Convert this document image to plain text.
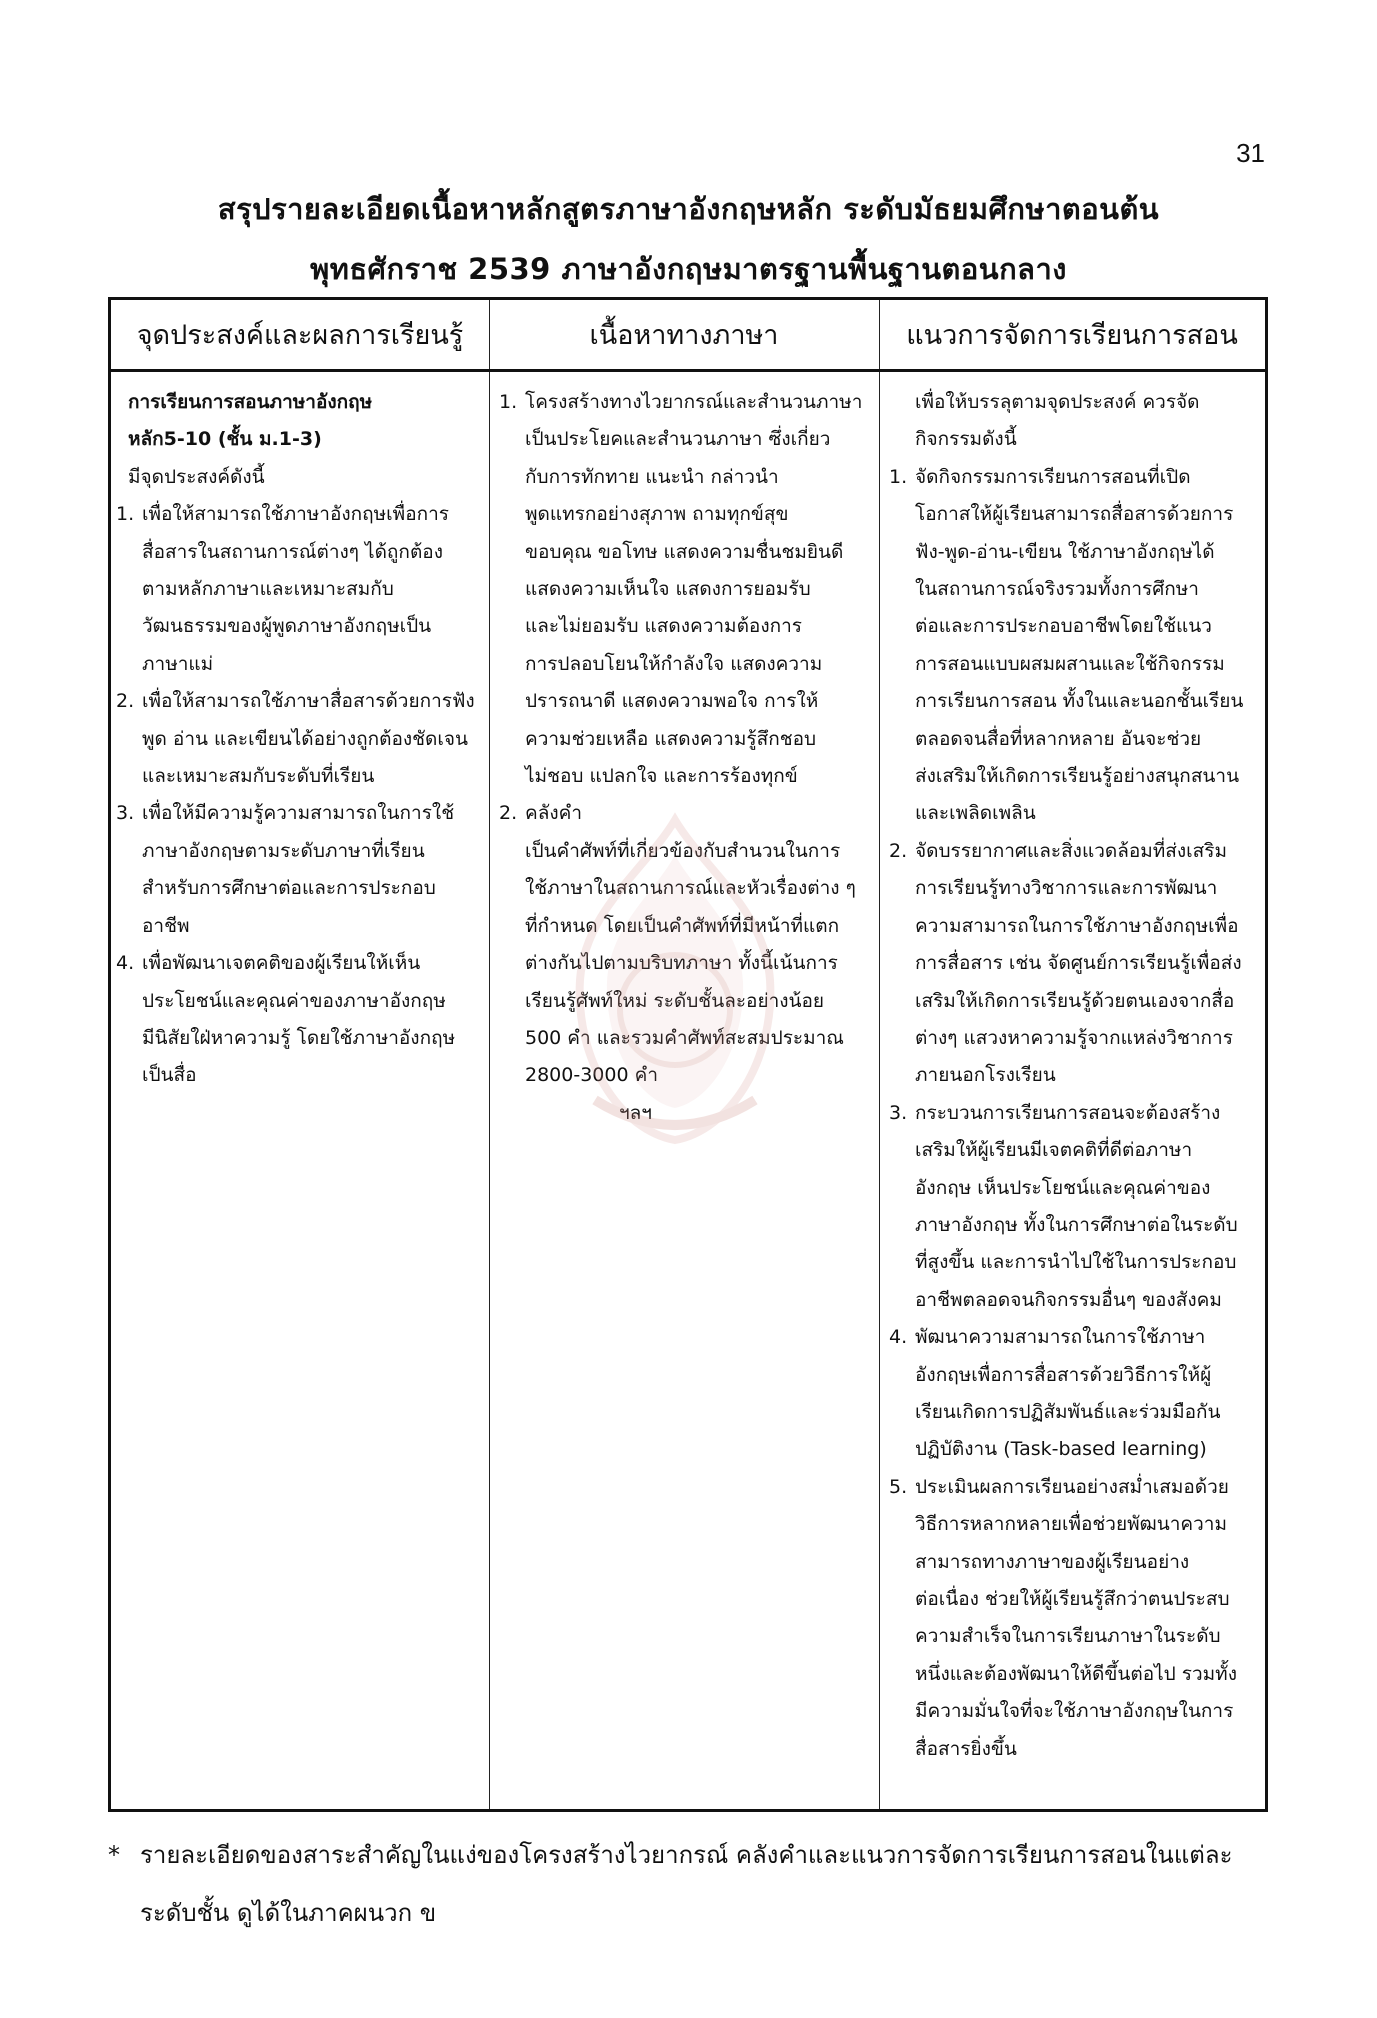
31
สรุปรายละเอียดเนื้อหาหลักสูตรภาษาอังกฤษหลัก ระดับมัธยมศึกษาตอนต้น
พุทธศักราช 2539 ภาษาอังกฤษมาตรฐานพื้นฐานตอนกลาง
จุดประสงค์และผลการเรียนรู้	เนื้อหาทางภาษา	แนวการจัดการเรียนการสอน
การเรียนการสอนภาษาอังกฤษ
หลัก5-10 (ชั้น ม.1-3)
มีจุดประสงค์ดังนี้
1. เพื่อให้สามารถใช้ภาษาอังกฤษเพื่อการ
สื่อสารในสถานการณ์ต่างๆ ได้ถูกต้อง
ตามหลักภาษาและเหมาะสมกับ
วัฒนธรรมของผู้พูดภาษาอังกฤษเป็น
ภาษาแม่
2. เพื่อให้สามารถใช้ภาษาสื่อสารด้วยการฟัง
พูด อ่าน และเขียนได้อย่างถูกต้องชัดเจน
และเหมาะสมกับระดับที่เรียน
3. เพื่อให้มีความรู้ความสามารถในการใช้
ภาษาอังกฤษตามระดับภาษาที่เรียน
สำหรับการศึกษาต่อและการประกอบ
อาชีพ
4. เพื่อพัฒนาเจตคติของผู้เรียนให้เห็น
ประโยชน์และคุณค่าของภาษาอังกฤษ
มีนิสัยใฝ่หาความรู้ โดยใช้ภาษาอังกฤษ
เป็นสื่อ
1. โครงสร้างทางไวยากรณ์และสำนวนภาษา
เป็นประโยคและสำนวนภาษา ซึ่งเกี่ยว
กับการทักทาย แนะนำ กล่าวนำ
พูดแทรกอย่างสุภาพ ถามทุกข์สุข
ขอบคุณ ขอโทษ แสดงความชื่นชมยินดี
แสดงความเห็นใจ แสดงการยอมรับ
และไม่ยอมรับ แสดงความต้องการ
การปลอบโยนให้กำลังใจ แสดงความ
ปรารถนาดี แสดงความพอใจ การให้
ความช่วยเหลือ แสดงความรู้สึกชอบ
ไม่ชอบ แปลกใจ และการร้องทุกข์
2. คลังคำ
เป็นคำศัพท์ที่เกี่ยวข้องกับสำนวนในการ
ใช้ภาษาในสถานการณ์และหัวเรื่องต่าง ๆ
ที่กำหนด โดยเป็นคำศัพท์ที่มีหน้าที่แตก
ต่างกันไปตามบริบทภาษา ทั้งนี้เน้นการ
เรียนรู้ศัพท์ใหม่ ระดับชั้นละอย่างน้อย
500 คำ และรวมคำศัพท์สะสมประมาณ
2800-3000 คำ
ฯลฯ
เพื่อให้บรรลุตามจุดประสงค์ ควรจัด
กิจกรรมดังนี้
1. จัดกิจกรรมการเรียนการสอนที่เปิด
โอกาสให้ผู้เรียนสามารถสื่อสารด้วยการ
ฟัง-พูด-อ่าน-เขียน ใช้ภาษาอังกฤษได้
ในสถานการณ์จริงรวมทั้งการศึกษา
ต่อและการประกอบอาชีพโดยใช้แนว
การสอนแบบผสมผสานและใช้กิจกรรม
การเรียนการสอน ทั้งในและนอกชั้นเรียน
ตลอดจนสื่อที่หลากหลาย อันจะช่วย
ส่งเสริมให้เกิดการเรียนรู้อย่างสนุกสนาน
และเพลิดเพลิน
2. จัดบรรยากาศและสิ่งแวดล้อมที่ส่งเสริม
การเรียนรู้ทางวิชาการและการพัฒนา
ความสามารถในการใช้ภาษาอังกฤษเพื่อ
การสื่อสาร เช่น จัดศูนย์การเรียนรู้เพื่อส่ง
เสริมให้เกิดการเรียนรู้ด้วยตนเองจากสื่อ
ต่างๆ แสวงหาความรู้จากแหล่งวิชาการ
ภายนอกโรงเรียน
3. กระบวนการเรียนการสอนจะต้องสร้าง
เสริมให้ผู้เรียนมีเจตคติที่ดีต่อภาษา
อังกฤษ เห็นประโยชน์และคุณค่าของ
ภาษาอังกฤษ ทั้งในการศึกษาต่อในระดับ
ที่สูงขึ้น และการนำไปใช้ในการประกอบ
อาชีพตลอดจนกิจกรรมอื่นๆ ของสังคม
4. พัฒนาความสามารถในการใช้ภาษา
อังกฤษเพื่อการสื่อสารด้วยวิธีการให้ผู้
เรียนเกิดการปฏิสัมพันธ์และร่วมมือกัน
ปฏิบัติงาน (Task-based learning)
5. ประเมินผลการเรียนอย่างสม่ำเสมอด้วย
วิธีการหลากหลายเพื่อช่วยพัฒนาความ
สามารถทางภาษาของผู้เรียนอย่าง
ต่อเนื่อง ช่วยให้ผู้เรียนรู้สึกว่าตนประสบ
ความสำเร็จในการเรียนภาษาในระดับ
หนึ่งและต้องพัฒนาให้ดีขึ้นต่อไป รวมทั้ง
มีความมั่นใจที่จะใช้ภาษาอังกฤษในการ
สื่อสารยิ่งขึ้น
* รายละเอียดของสาระสำคัญในแง่ของโครงสร้างไวยากรณ์ คลังคำและแนวการจัดการเรียนการสอนในแต่ละ
ระดับชั้น ดูได้ในภาคผนวก ข
